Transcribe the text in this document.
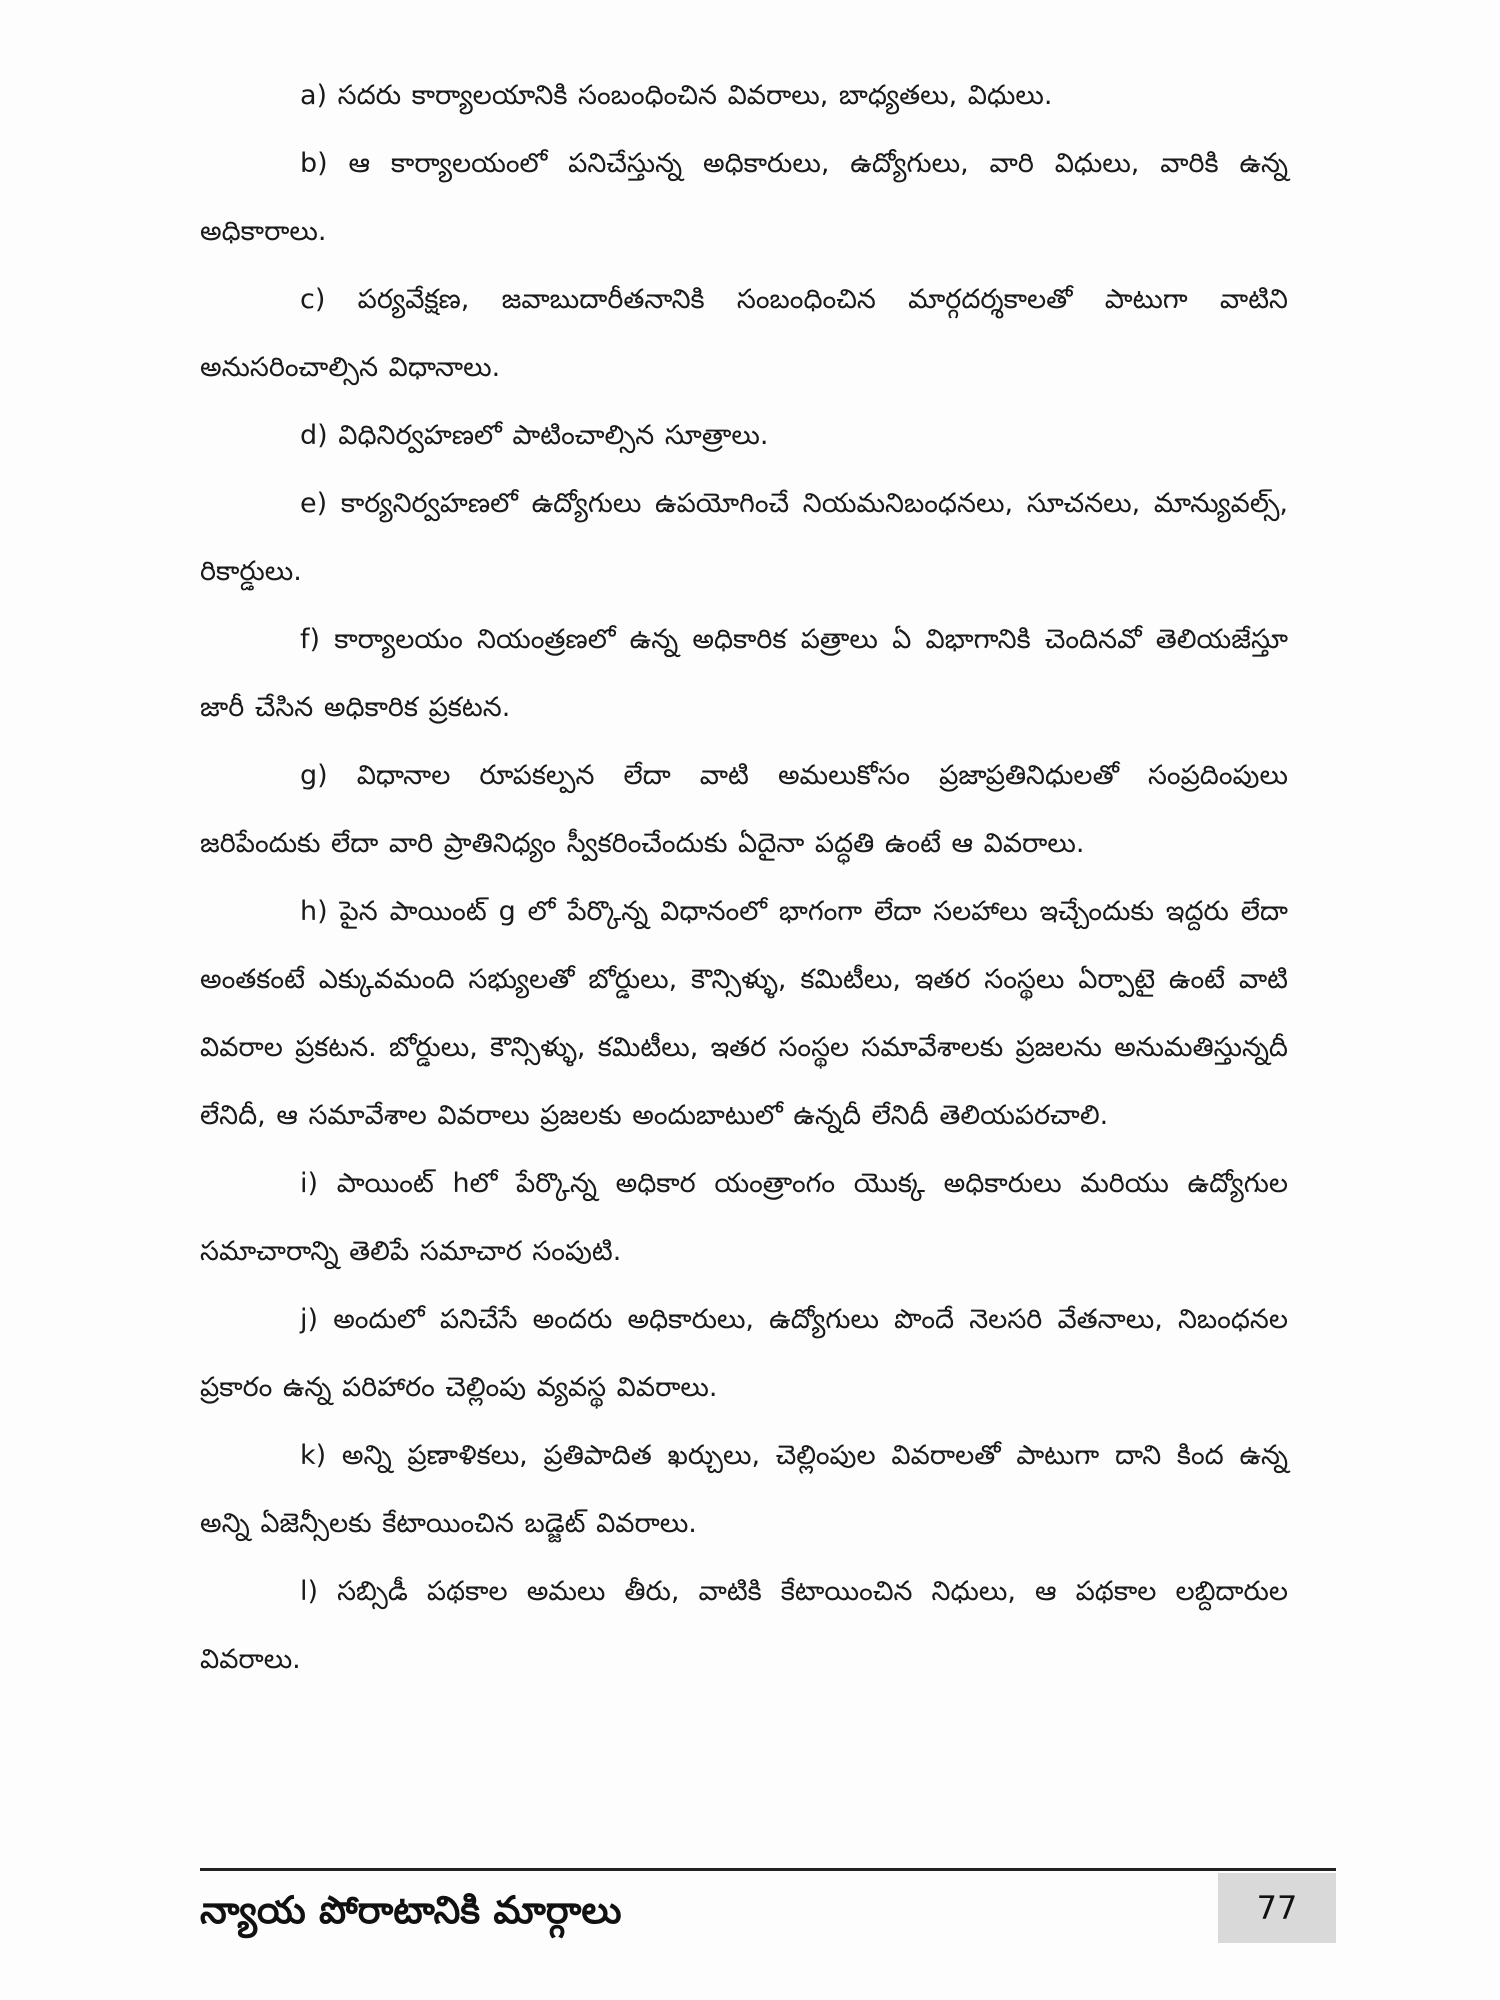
a) సదరు కార్యాలయానికి సంబంధించిన వివరాలు, బాధ్యతలు, విధులు.

b) ఆ కార్యాలయంలో పనిచేస్తున్న అధికారులు, ఉద్యోగులు, వారి విధులు, వారికి ఉన్న అధికారాలు.

c) పర్యవేక్షణ, జవాబుదారీతనానికి సంబంధించిన మార్గదర్శకాలతో పాటుగా వాటిని అనుసరించాల్సిన విధానాలు.

d) విధినిర్వహణలో పాటించాల్సిన సూత్రాలు.

e) కార్యనిర్వహణలో ఉద్యోగులు ఉపయోగించే నియమనిబంధనలు, సూచనలు, మాన్యువల్స్, రికార్డులు.

f) కార్యాలయం నియంత్రణలో ఉన్న అధికారిక పత్రాలు ఏ విభాగానికి చెందినవో తెలియజేస్తూ జారీ చేసిన అధికారిక ప్రకటన.

g) విధానాల రూపకల్పన లేదా వాటి అమలుకోసం ప్రజాప్రతినిధులతో సంప్రదింపులు జరిపేందుకు లేదా వారి ప్రాతినిధ్యం స్వీకరించేందుకు ఏదైనా పద్ధతి ఉంటే ఆ వివరాలు.

h) పైన పాయింట్ g లో పేర్కొన్న విధానంలో భాగంగా లేదా సలహాలు ఇచ్చేందుకు ఇద్దరు లేదా అంతకంటే ఎక్కువమంది సభ్యులతో బోర్డులు, కౌన్సిళ్ళు, కమిటీలు, ఇతర సంస్థలు ఏర్పాటై ఉంటే వాటి వివరాల ప్రకటన. బోర్డులు, కౌన్సిళ్ళు, కమిటీలు, ఇతర సంస్థల సమావేశాలకు ప్రజలను అనుమతిస్తున్నదీ లేనిదీ, ఆ సమావేశాల వివరాలు ప్రజలకు అందుబాటులో ఉన్నదీ లేనిదీ తెలియపరచాలి.

i) పాయింట్ hలో పేర్కొన్న అధికార యంత్రాంగం యొక్క అధికారులు మరియు ఉద్యోగుల సమాచారాన్ని తెలిపే సమాచార సంపుటి.

j) అందులో పనిచేసే అందరు అధికారులు, ఉద్యోగులు పొందే నెలసరి వేతనాలు, నిబంధనల ప్రకారం ఉన్న పరిహారం చెల్లింపు వ్యవస్థ వివరాలు.

k) అన్ని ప్రణాళికలు, ప్రతిపాదిత ఖర్చులు, చెల్లింపుల వివరాలతో పాటుగా దాని కింద ఉన్న అన్ని ఏజెన్సీలకు కేటాయించిన బడ్జెట్ వివరాలు.

l) సబ్సిడీ పథకాల అమలు తీరు, వాటికి కేటాయించిన నిధులు, ఆ పథకాల లబ్దిదారుల వివరాలు.

న్యాయ పోరాటానికి మార్గాలు	77
